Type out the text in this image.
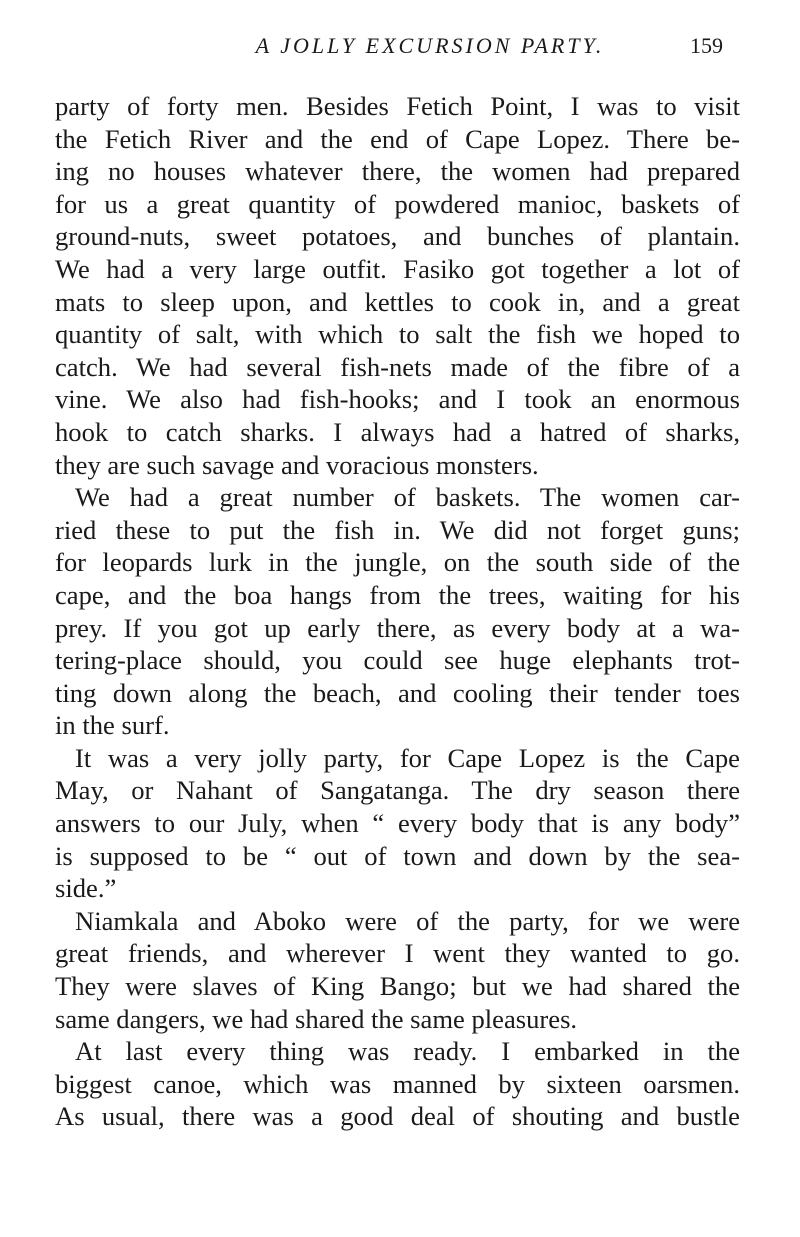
A JOLLY EXCURSION PARTY.	159
party of forty men. Besides Fetich Point, I was to visit
the Fetich River and the end of Cape Lopez. There be-
ing no houses whatever there, the women had prepared
for us a great quantity of powdered manioc, baskets of
ground-nuts, sweet potatoes, and bunches of plantain.
We had a very large outfit. Fasiko got together a lot of
mats to sleep upon, and kettles to cook in, and a great
quantity of salt, with which to salt the fish we hoped to
catch. We had several fish-nets made of the fibre of a
vine. We also had fish-hooks; and I took an enormous
hook to catch sharks. I always had a hatred of sharks,
they are such savage and voracious monsters.
We had a great number of baskets. The women car-
ried these to put the fish in. We did not forget guns;
for leopards lurk in the jungle, on the south side of the
cape, and the boa hangs from the trees, waiting for his
prey. If you got up early there, as every body at a wa-
tering-place should, you could see huge elephants trot-
ting down along the beach, and cooling their tender toes
in the surf.
It was a very jolly party, for Cape Lopez is the Cape
May, or Nahant of Sangatanga. The dry season there
answers to our July, when “ every body that is any body”
is supposed to be “ out of town and down by the sea-
side.”
Niamkala and Aboko were of the party, for we were
great friends, and wherever I went they wanted to go.
They were slaves of King Bango; but we had shared the
same dangers, we had shared the same pleasures.
At last every thing was ready. I embarked in the
biggest canoe, which was manned by sixteen oarsmen.
As usual, there was a good deal of shouting and bustle
